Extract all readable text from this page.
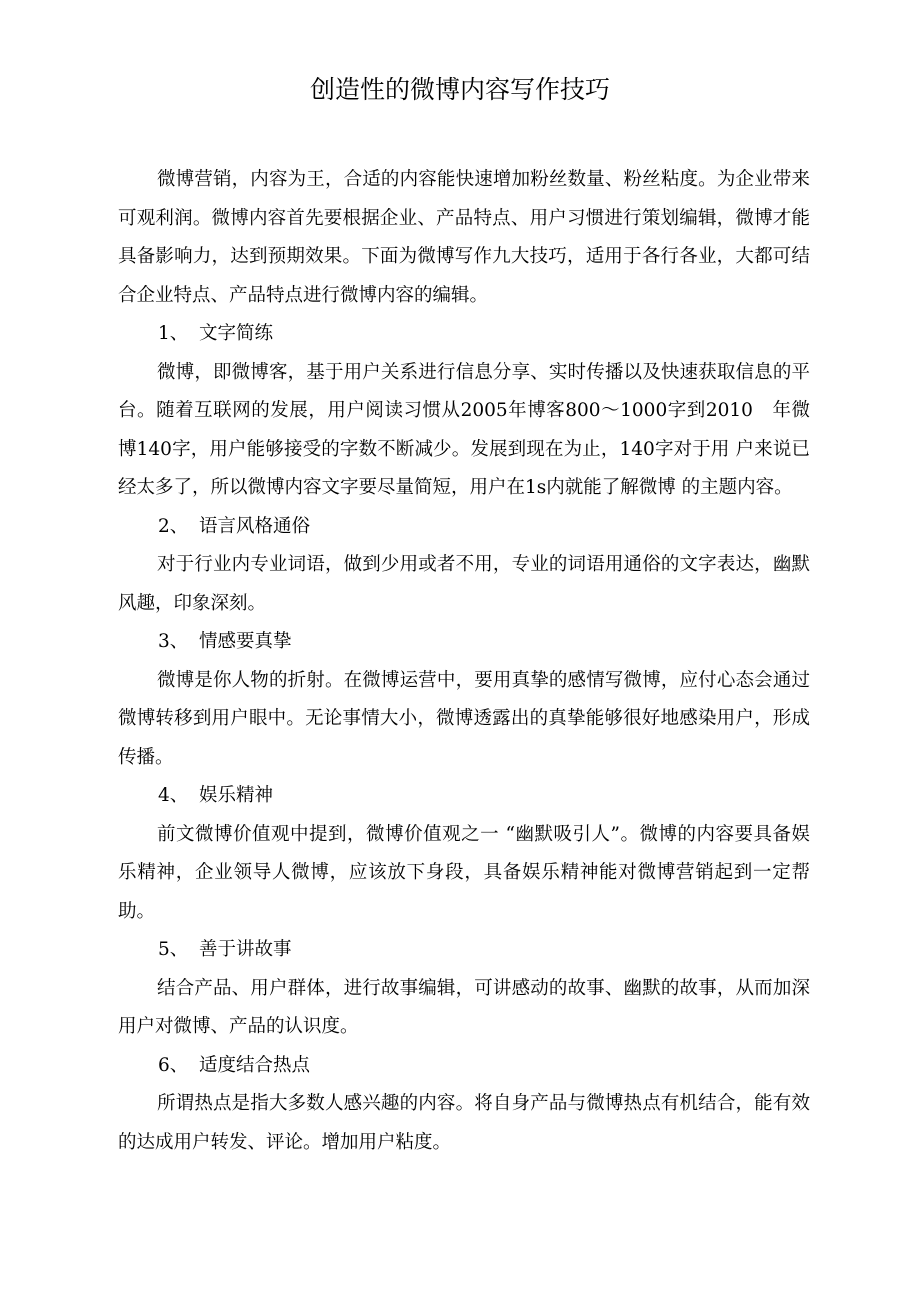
创造性的微博内容写作技巧

微博营销，内容为王，合适的内容能快速增加粉丝数量、粉丝粘度。为企业带来可观利润。微博内容首先要根据企业、产品特点、用户习惯进行策划编辑，微博才能具备影响力，达到预期效果。下面为微博写作九大技巧，适用于各行各业，大都可结合企业特点、产品特点进行微博内容的编辑。

1、 文字简练

微博，即微博客，基于用户关系进行信息分享、实时传播以及快速获取信息的平台。随着互联网的发展，用户阅读习惯从2005年博客800〜1000字到2010　年微博140字，用户能够接受的字数不断减少。发展到现在为止，140字对于用 户来说已经太多了，所以微博内容文字要尽量简短，用户在1s内就能了解微博 的主题内容。

2、 语言风格通俗

对于行业内专业词语，做到少用或者不用，专业的词语用通俗的文字表达，幽默风趣，印象深刻。

3、 情感要真挚

微博是你人物的折射。在微博运营中，要用真挚的感情写微博，应付心态会通过微博转移到用户眼中。无论事情大小，微博透露出的真挚能够很好地感染用户，形成传播。

4、 娱乐精神

前文微博价值观中提到，微博价值观之一 “幽默吸引人”。微博的内容要具备娱乐精神，企业领导人微博，应该放下身段，具备娱乐精神能对微博营销起到一定帮助。

5、 善于讲故事

结合产品、用户群体，进行故事编辑，可讲感动的故事、幽默的故事，从而加深用户对微博、产品的认识度。

6、 适度结合热点

所谓热点是指大多数人感兴趣的内容。将自身产品与微博热点有机结合，能有效的达成用户转发、评论。增加用户粘度。
